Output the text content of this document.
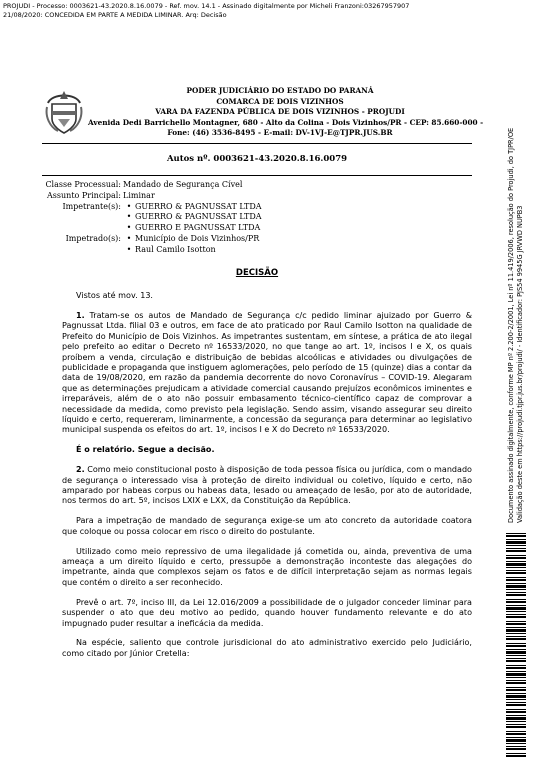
PROJUDI - Processo: 0003621-43.2020.8.16.0079 - Ref. mov. 14.1 - Assinado digitalmente por Micheli Franzoni:03267957907
21/08/2020: CONCEDIDA EM PARTE A MEDIDA LIMINAR. Arq: Decisão
PODER JUDICIÁRIO DO ESTADO DO PARANÁ
COMARCA DE DOIS VIZINHOS
VARA DA FAZENDA PÚBLICA DE DOIS VIZINHOS - PROJUDI
Avenida Dedi Barrichello Montagner, 680 - Alto da Colina - Dois Vizinhos/PR - CEP: 85.660-000 -
Fone: (46) 3536-8495 - E-mail: DV-1VJ-E@TJPR.JUS.BR
Autos nº. 0003621-43.2020.8.16.0079
Classe Processual: Mandado de Segurança Cível
Assunto Principal: Liminar
Impetrante(s):	• GUERRO & PAGNUSSAT LTDA
• GUERRO & PAGNUSSAT LTDA
• GUERRO E PAGNUSSAT LTDA
Impetrado(s):	• Município de Dois Vizinhos/PR
• Raul Camilo Isotton
DECISÃO

Vistos até mov. 13.

1. Tratam-se os autos de Mandado de Segurança c/c pedido liminar ajuizado por Guerro & Pagnussat Ltda. filial 03 e outros, em face de ato praticado por Raul Camilo Isotton na qualidade de Prefeito do Município de Dois Vizinhos. As impetrantes sustentam, em síntese, a prática de ato ilegal pelo prefeito ao editar o Decreto nº 16533/2020, no que tange ao art. 1º, incisos I e X, os quais proíbem a venda, circulação e distribuição de bebidas alcoólicas e atividades ou divulgações de publicidade e propaganda que instiguem aglomerações, pelo período de 15 (quinze) dias a contar da data de 19/08/2020, em razão da pandemia decorrente do novo Coronavírus – COVID-19. Alegaram que as determinações prejudicam a atividade comercial causando prejuízos econômicos iminentes e irreparáveis, além de o ato não possuir embasamento técnico-científico capaz de comprovar a necessidade da medida, como previsto pela legislação. Sendo assim, visando assegurar seu direito líquido e certo, requereram, liminarmente, a concessão da segurança para determinar ao legislativo municipal suspenda os efeitos do art. 1º, incisos I e X do Decreto nº 16533/2020.

É o relatório. Segue a decisão.

2. Como meio constitucional posto à disposição de toda pessoa física ou jurídica, com o mandado de segurança o interessado visa à proteção de direito individual ou coletivo, líquido e certo, não amparado por habeas corpus ou habeas data, lesado ou ameaçado de lesão, por ato de autoridade, nos termos do art. 5º, incisos LXIX e LXX, da Constituição da República.

Para a impetração de mandado de segurança exige-se um ato concreto da autoridade coatora que coloque ou possa colocar em risco o direito do postulante.

Utilizado como meio repressivo de uma ilegalidade já cometida ou, ainda, preventiva de uma ameaça a um direito líquido e certo, pressupõe a demonstração inconteste das alegações do impetrante, ainda que complexos sejam os fatos e de difícil interpretação sejam as normas legais que contém o direito a ser reconhecido.

Prevê o art. 7º, inciso III, da Lei 12.016/2009 a possibilidade de o julgador conceder liminar para suspender o ato que deu motivo ao pedido, quando houver fundamento relevante e do ato impugnado puder resultar a ineficácia da medida.

Na espécie, saliento que controle jurisdicional do ato administrativo exercido pelo Judiciário, como citado por Júnior Cretella:

Documento assinado digitalmente, conforme MP nº 2.200-2/2001, Lei nº 11.419/2006, resolução do Projudi, do TJPR/OE Validação deste em https://projudi.tjpr.jus.br/projudi/ - Identificador: PJS54 9945G JRVWD NUPB3
